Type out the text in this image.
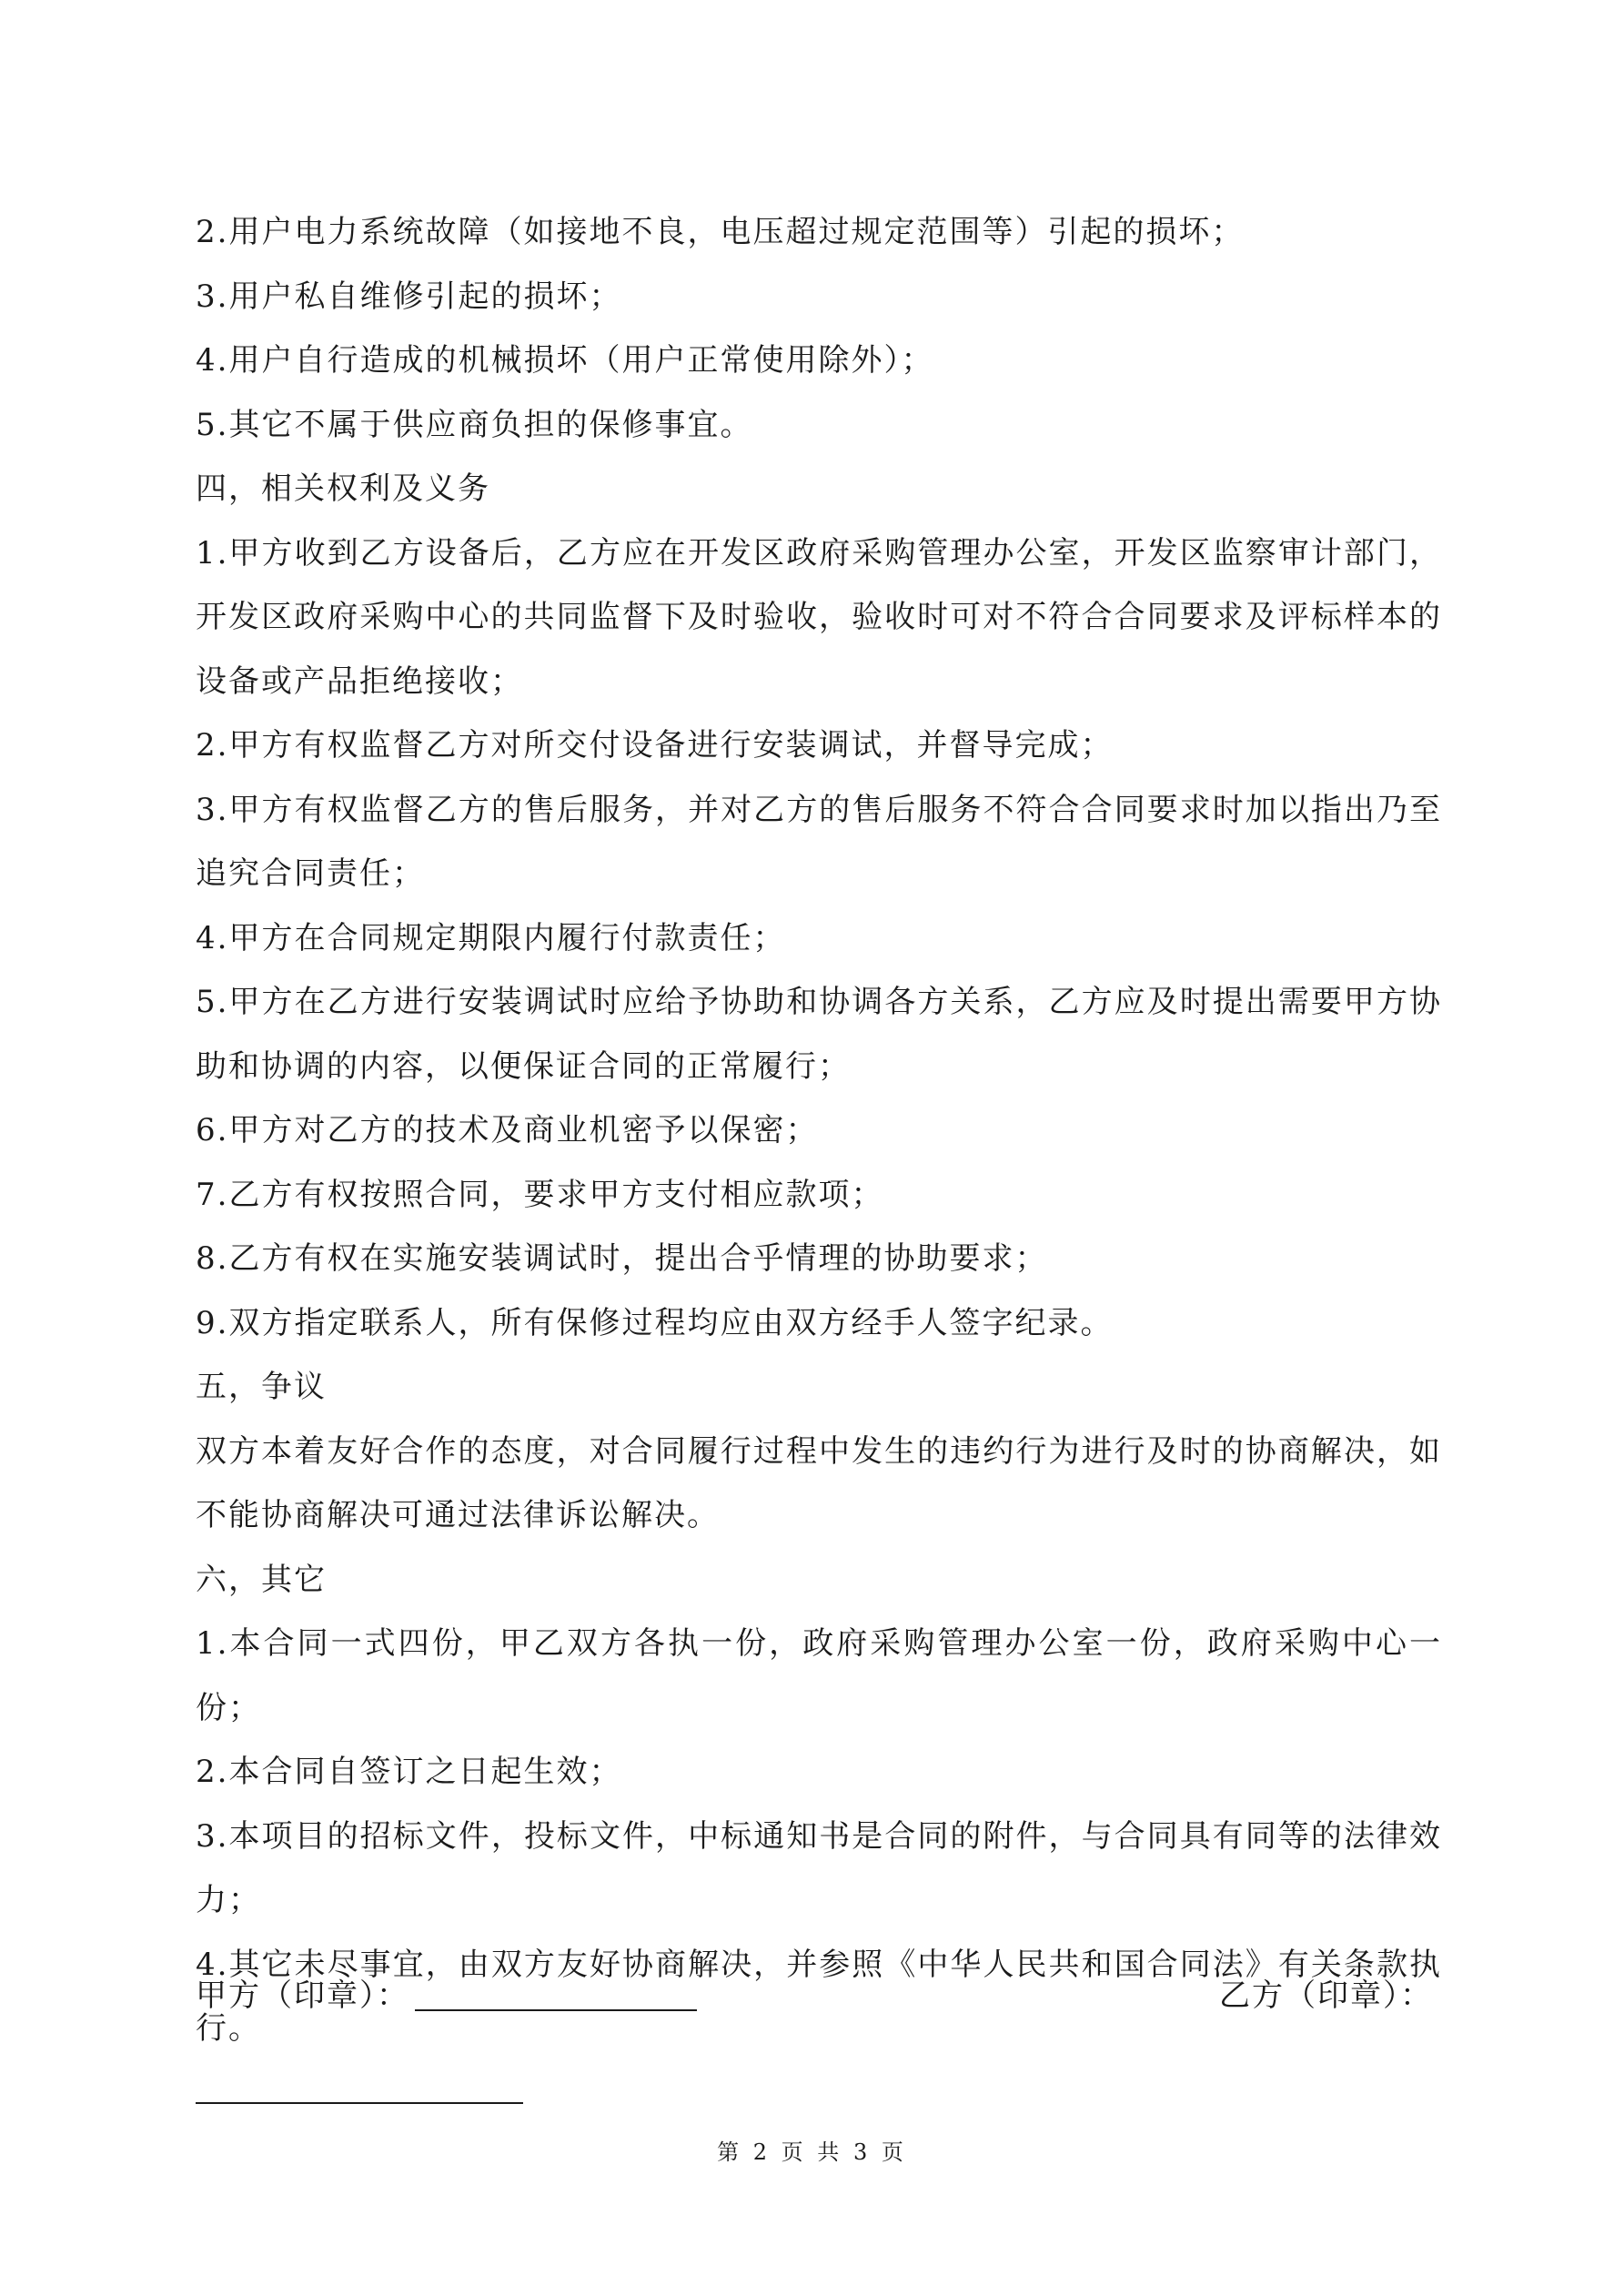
2.用户电力系统故障（如接地不良，电压超过规定范围等）引起的损坏；

3.用户私自维修引起的损坏；

4.用户自行造成的机械损坏（用户正常使用除外）；

5.其它不属于供应商负担的保修事宜。

四，相关权利及义务

1.甲方收到乙方设备后，乙方应在开发区政府采购管理办公室，开发区监察审计部门，开发区政府采购中心的共同监督下及时验收，验收时可对不符合合同要求及评标样本的设备或产品拒绝接收；

2.甲方有权监督乙方对所交付设备进行安装调试，并督导完成；

3.甲方有权监督乙方的售后服务，并对乙方的售后服务不符合合同要求时加以指出乃至追究合同责任；

4.甲方在合同规定期限内履行付款责任；

5.甲方在乙方进行安装调试时应给予协助和协调各方关系，乙方应及时提出需要甲方协助和协调的内容，以便保证合同的正常履行；

6.甲方对乙方的技术及商业机密予以保密；

7.乙方有权按照合同，要求甲方支付相应款项；

8.乙方有权在实施安装调试时，提出合乎情理的协助要求；

9.双方指定联系人，所有保修过程均应由双方经手人签字纪录。

五，争议

双方本着友好合作的态度，对合同履行过程中发生的违约行为进行及时的协商解决，如不能协商解决可通过法律诉讼解决。

六，其它

1.本合同一式四份，甲乙双方各执一份，政府采购管理办公室一份，政府采购中心一份；

2.本合同自签订之日起生效；

3.本项目的招标文件，投标文件，中标通知书是合同的附件，与合同具有同等的法律效力；

4.其它未尽事宜，由双方友好协商解决，并参照《中华人民共和国合同法》有关条款执行。

甲方（印章）：	乙方（印章）：
第 2 页 共 3 页
